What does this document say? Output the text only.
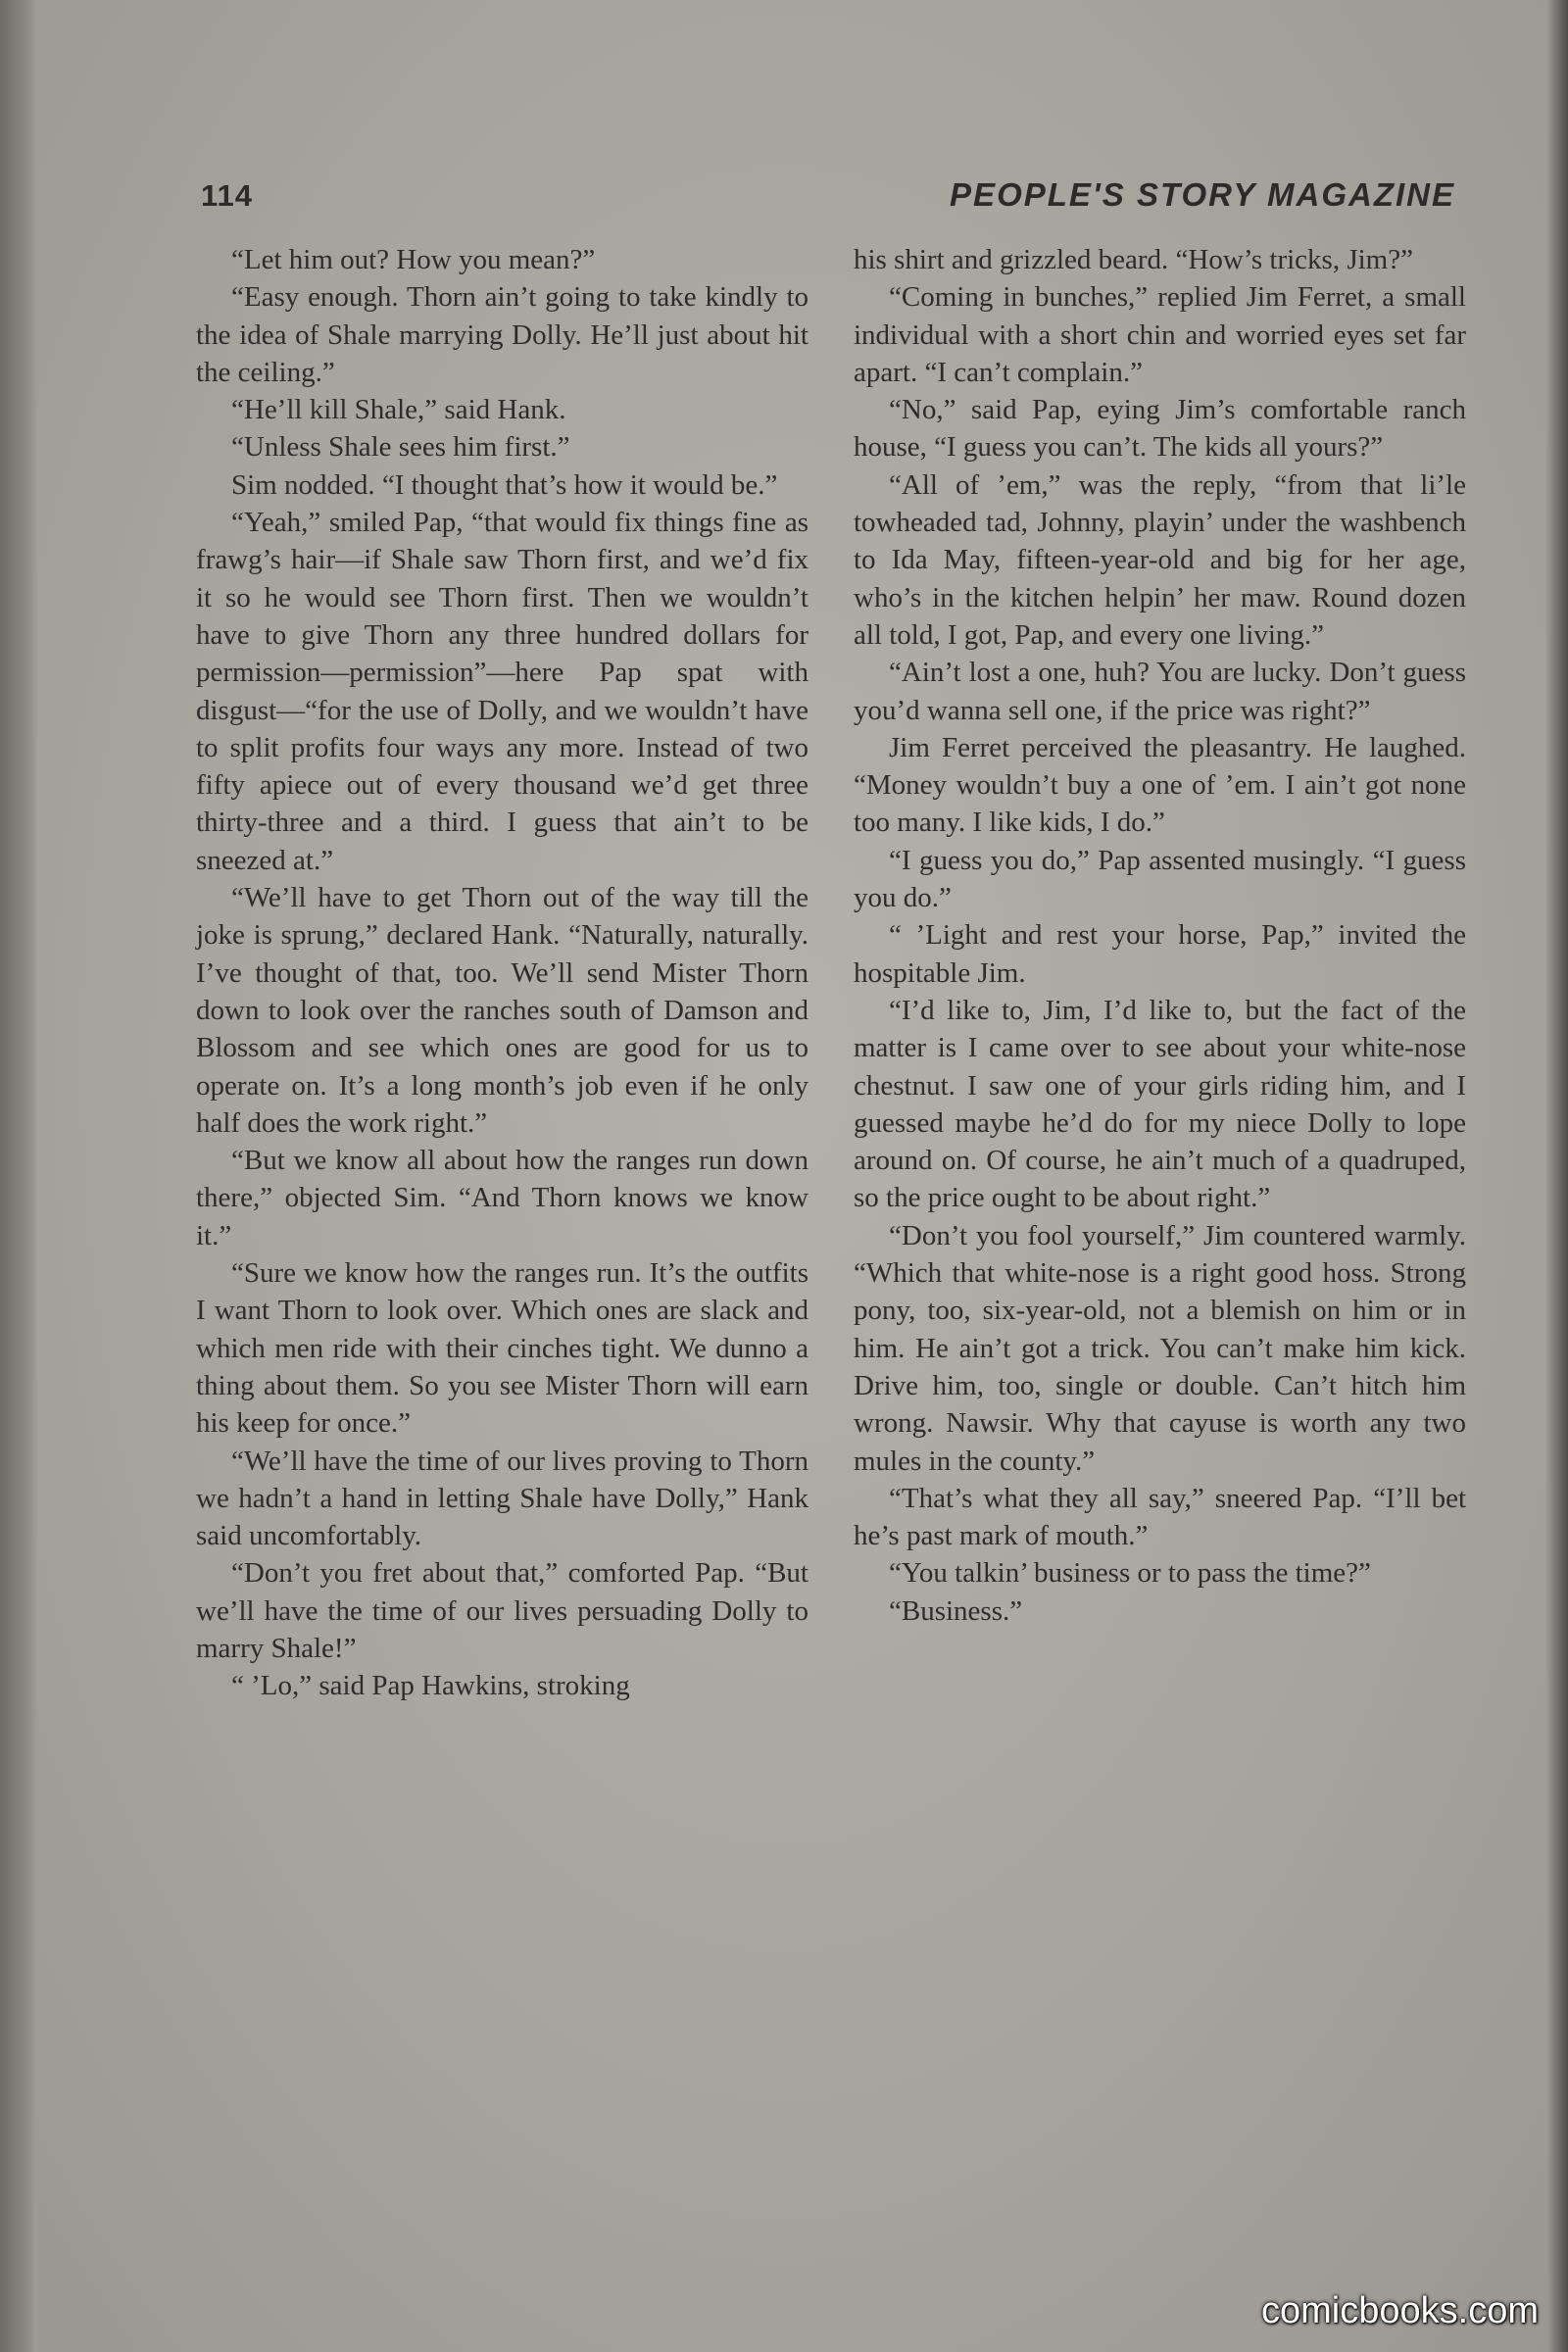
114	PEOPLE'S STORY MAGAZINE

“Let him out? How you mean?”

“Easy enough. Thorn ain’t going to take kindly to the idea of Shale marrying Dolly. He’ll just about hit the ceiling.”

“He’ll kill Shale,” said Hank.

“Unless Shale sees him first.”

Sim nodded. “I thought that’s how it would be.”

“Yeah,” smiled Pap, “that would fix things fine as frawg’s hair—if Shale saw Thorn first, and we’d fix it so he would see Thorn first. Then we wouldn’t have to give Thorn any three hundred dollars for permission—permission”—here Pap spat with disgust—“for the use of Dolly, and we wouldn’t have to split profits four ways any more. Instead of two fifty apiece out of every thousand we’d get three thirty-three and a third. I guess that ain’t to be sneezed at.”

“We’ll have to get Thorn out of the way till the joke is sprung,” declared Hank. “Naturally, naturally. I’ve thought of that, too. We’ll send Mister Thorn down to look over the ranches south of Damson and Blossom and see which ones are good for us to operate on. It’s a long month’s job even if he only half does the work right.”

“But we know all about how the ranges run down there,” objected Sim. “And Thorn knows we know it.”

“Sure we know how the ranges run. It’s the outfits I want Thorn to look over. Which ones are slack and which men ride with their cinches tight. We dunno a thing about them. So you see Mister Thorn will earn his keep for once.”

“We’ll have the time of our lives proving to Thorn we hadn’t a hand in letting Shale have Dolly,” Hank said uncomfortably.

“Don’t you fret about that,” comforted Pap. “But we’ll have the time of our lives persuading Dolly to marry Shale!”

“ ’Lo,” said Pap Hawkins, stroking

his shirt and grizzled beard. “How’s tricks, Jim?”

“Coming in bunches,” replied Jim Ferret, a small individual with a short chin and worried eyes set far apart. “I can’t complain.”

“No,” said Pap, eying Jim’s comfortable ranch house, “I guess you can’t. The kids all yours?”

“All of ’em,” was the reply, “from that li’le towheaded tad, Johnny, playin’ under the washbench to Ida May, fifteen-year-old and big for her age, who’s in the kitchen helpin’ her maw. Round dozen all told, I got, Pap, and every one living.”

“Ain’t lost a one, huh? You are lucky. Don’t guess you’d wanna sell one, if the price was right?”

Jim Ferret perceived the pleasantry. He laughed. “Money wouldn’t buy a one of ’em. I ain’t got none too many. I like kids, I do.”

“I guess you do,” Pap assented musingly. “I guess you do.”

“ ’Light and rest your horse, Pap,” invited the hospitable Jim.

“I’d like to, Jim, I’d like to, but the fact of the matter is I came over to see about your white-nose chestnut. I saw one of your girls riding him, and I guessed maybe he’d do for my niece Dolly to lope around on. Of course, he ain’t much of a quadruped, so the price ought to be about right.”

“Don’t you fool yourself,” Jim countered warmly. “Which that white-nose is a right good hoss. Strong pony, too, six-year-old, not a blemish on him or in him. He ain’t got a trick. You can’t make him kick. Drive him, too, single or double. Can’t hitch him wrong. Nawsir. Why that cayuse is worth any two mules in the county.”

“That’s what they all say,” sneered Pap. “I’ll bet he’s past mark of mouth.”

“You talkin’ business or to pass the time?”

“Business.”

comicbooks.com
